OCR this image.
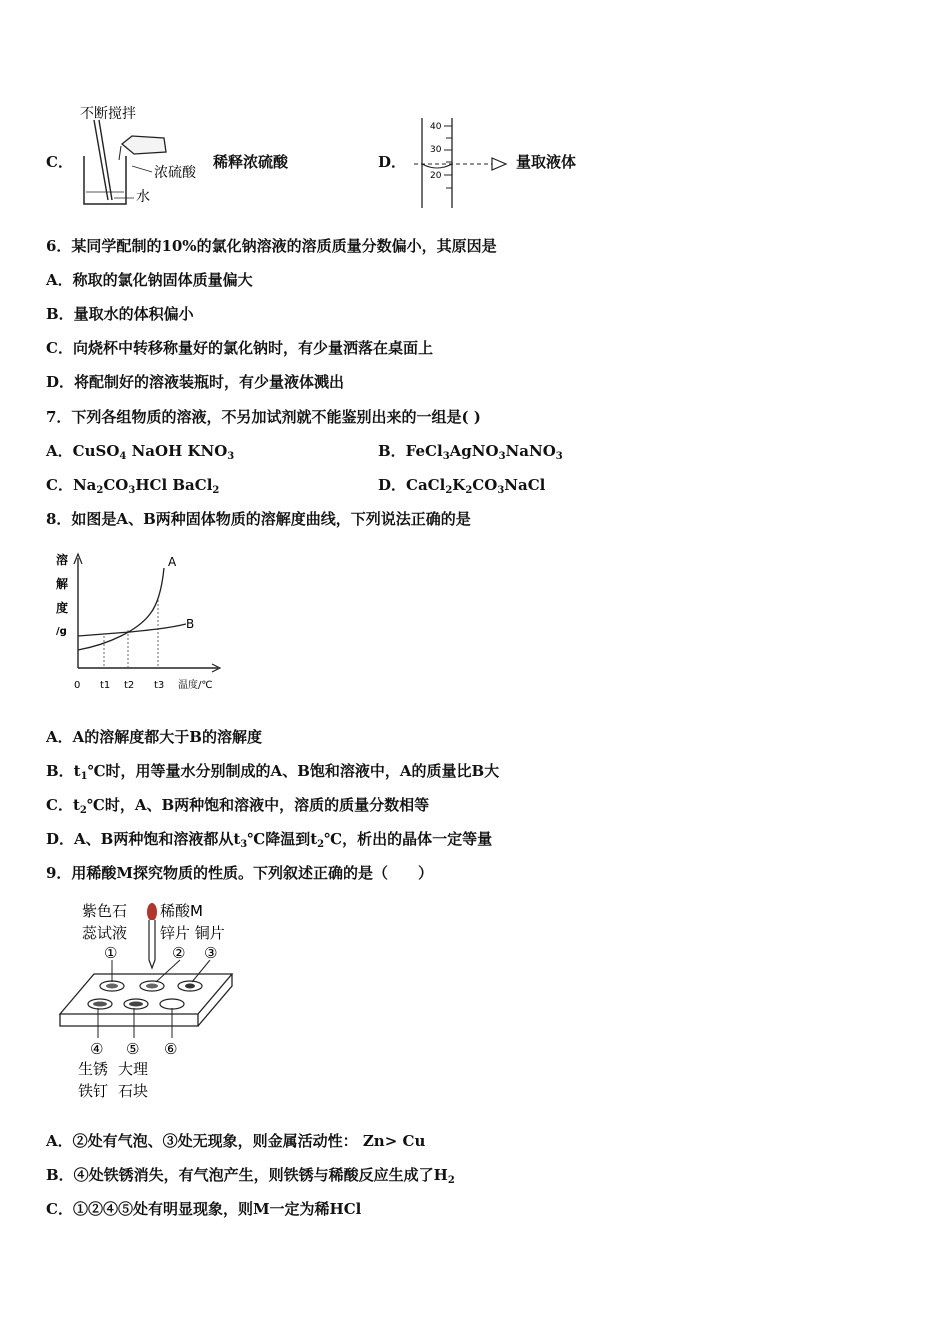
C．
不断搅拌
浓硫酸
水
稀释浓硫酸	D．
40
30
20
量取液体
6．某同学配制的10%的氯化钠溶液的溶质质量分数偏小，其原因是
A．称取的氯化钠固体质量偏大
B．量取水的体积偏小
C．向烧杯中转移称量好的氯化钠时，有少量洒落在桌面上
D．将配制好的溶液装瓶时，有少量液体溅出
7．下列各组物质的溶液，不另加试剂就不能鉴别出来的一组是( )
A．CuSO$_4$ NaOH $KNO_3$	B．FeCl$_3$AgNO$_3$NaNO$_3$
C．$Na_2CO_3HCl$ BaCl$_2$	D．$CaCl_2K_2CO_3NaCl$
8．如图是A、B两种固体物质的溶解度曲线，下列说法正确的是
溶
解
度
/g
A
B
0 t1 t2 t3 温度/℃
A．A的溶解度都大于B的溶解度
B．$t_1℃$时，用等量水分别制成的A、B饱和溶液中，A的质量比B大
C．$t_2℃$时，A、B两种饱和溶液中，溶质的质量分数相等
D．A、B两种饱和溶液都从$t_3℃$降温到$t_2℃$，析出的晶体一定等量
9．用稀酸M探究物质的性质。下列叙述正确的是（　　）
紫色石
蕊试液
稀酸M
锌片 铜片
①	② ③
④ ⑤ ⑥
生锈
铁钉
大理
石块
A．②处有气泡、③处无现象，则金属活动性： Zn> Cu
B．④处铁锈消失，有气泡产生，则铁锈与稀酸反应生成了$H_2$
C．①②④⑤处有明显现象，则M一定为稀HCl
